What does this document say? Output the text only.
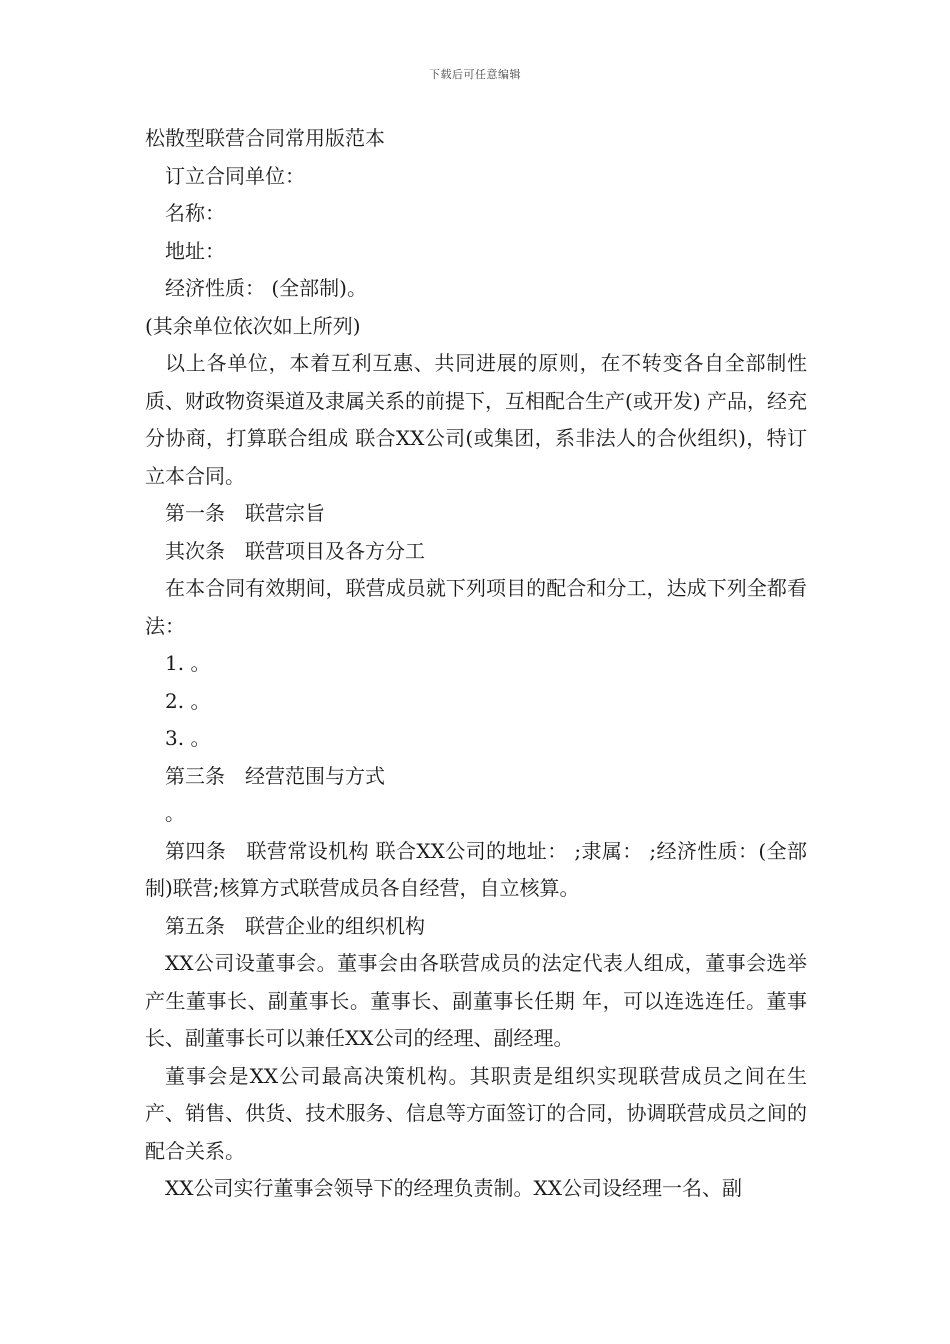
下载后可任意编辑

松散型联营合同常用版范本

订立合同单位：

名称：

地址：

经济性质： (全部制)。

(其余单位依次如上所列)

以上各单位，本着互利互惠、共同进展的原则，在不转变各自全部制性质、财政物资渠道及隶属关系的前提下，互相配合生产(或开发) 产品，经充分协商，打算联合组成 联合XX公司(或集团，系非法人的合伙组织)，特订立本合同。

第一条　联营宗旨

其次条　联营项目及各方分工

在本合同有效期间，联营成员就下列项目的配合和分工，达成下列全都看法：

1. 。

2. 。

3. 。

第三条　经营范围与方式

。

第四条　联营常设机构 联合XX公司的地址： ;隶属： ;经济性质：(全部制)联营;核算方式联营成员各自经营，自立核算。

第五条　联营企业的组织机构

XX公司设董事会。董事会由各联营成员的法定代表人组成，董事会选举产生董事长、副董事长。董事长、副董事长任期 年，可以连选连任。董事长、副董事长可以兼任XX公司的经理、副经理。

董事会是XX公司最高决策机构。其职责是组织实现联营成员之间在生产、销售、供货、技术服务、信息等方面签订的合同，协调联营成员之间的配合关系。

XX公司实行董事会领导下的经理负责制。XX公司设经理一名、副
